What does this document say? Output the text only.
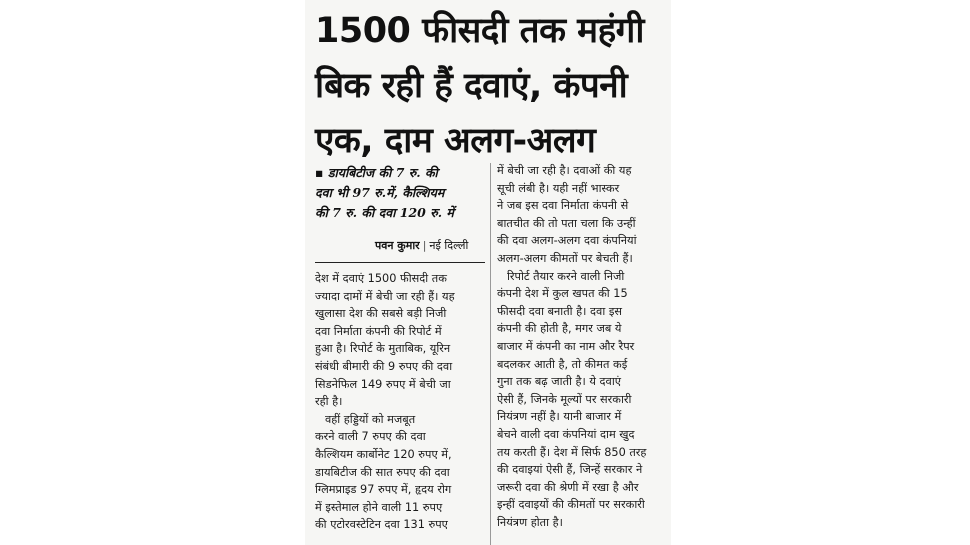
1500 फीसदी तक महंगी
बिक रही हैं दवाएं, कंपनी
एक, दाम अलग-अलग
▪ डायबिटीज की 7 रु. की
दवा भी 97 रु.में, कैल्शियम
की 7 रु. की दवा 120 रु. में
पवन कुमार | नई दिल्ली
देश में दवाएं 1500 फीसदी तक
ज्यादा दामों में बेची जा रही हैं। यह
खुलासा देश की सबसे बड़ी निजी
दवा निर्माता कंपनी की रिपोर्ट में
हुआ है। रिपोर्ट के मुताबिक, यूरिन
संबंधी बीमारी की 9 रुपए की दवा
सिडनेफिल 149 रुपए में बेची जा
रही है।
वहीं हड्डियों को मजबूत
करने वाली 7 रुपए की दवा
कैल्शियम कार्बोनेट 120 रुपए में,
डायबिटीज की सात रुपए की दवा
ग्लिमप्राइड 97 रुपए में, हृदय रोग
में इस्तेमाल होने वाली 11 रुपए
की एटोरवस्टेटिन दवा 131 रुपए
में बेची जा रही है। दवाओं की यह
सूची लंबी है। यही नहीं भास्कर
ने जब इस दवा निर्माता कंपनी से
बातचीत की तो पता चला कि उन्हीं
की दवा अलग-अलग दवा कंपनियां
अलग-अलग कीमतों पर बेचती हैं।
रिपोर्ट तैयार करने वाली निजी
कंपनी देश में कुल खपत की 15
फीसदी दवा बनाती है। दवा इस
कंपनी की होती है, मगर जब ये
बाजार में कंपनी का नाम और रैपर
बदलकर आती है, तो कीमत कई
गुना तक बढ़ जाती है। ये दवाएं
ऐसी हैं, जिनके मूल्यों पर सरकारी
नियंत्रण नहीं है। यानी बाजार में
बेचने वाली दवा कंपनियां दाम खुद
तय करती हैं। देश में सिर्फ 850 तरह
की दवाइयां ऐसी हैं, जिन्हें सरकार ने
जरूरी दवा की श्रेणी में रखा है और
इन्हीं दवाइयों की कीमतों पर सरकारी
नियंत्रण होता है।
